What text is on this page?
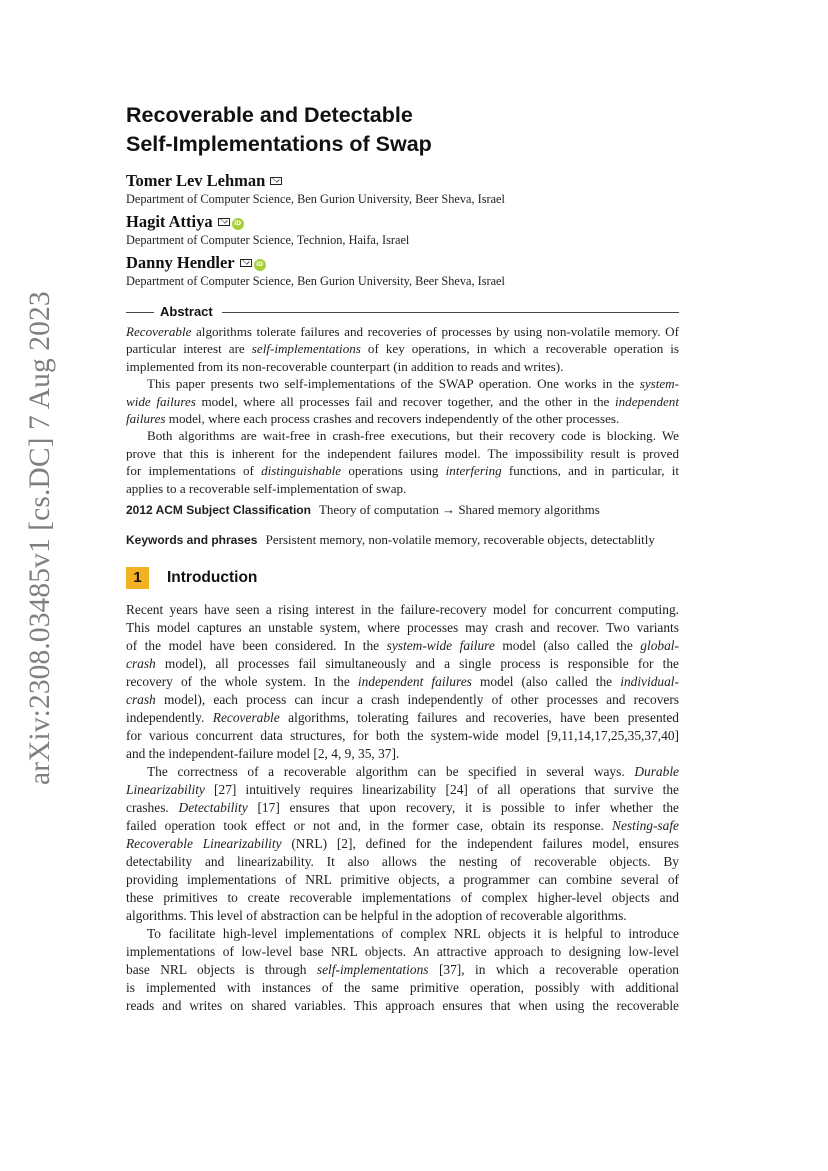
arXiv:2308.03485v1 [cs.DC] 7 Aug 2023
Recoverable and Detectable
Self-Implementations of Swap
Tomer Lev Lehman
Department of Computer Science, Ben Gurion University, Beer Sheva, Israel
Hagit Attiya	iD
Department of Computer Science, Technion, Haifa, Israel
Danny Hendler	iD
Department of Computer Science, Ben Gurion University, Beer Sheva, Israel
Abstract
Recoverable algorithms tolerate failures and recoveries of processes by using non-volatile memory. Of
particular interest are self-implementations of key operations, in which a recoverable operation is
implemented from its non-recoverable counterpart (in addition to reads and writes).
This paper presents two self-implementations of the SWAP operation. One works in the system-
wide failures model, where all processes fail and recover together, and the other in the independent
failures model, where each process crashes and recovers independently of the other processes.
Both algorithms are wait-free in crash-free executions, but their recovery code is blocking. We
prove that this is inherent for the independent failures model. The impossibility result is proved
for implementations of distinguishable operations using interfering functions, and in particular, it
applies to a recoverable self-implementation of swap.
2012 ACM Subject Classification Theory of computation → Shared memory algorithms
Keywords and phrases Persistent memory, non-volatile memory, recoverable objects, detectablitly
1	Introduction
Recent years have seen a rising interest in the failure-recovery model for concurrent computing.
This model captures an unstable system, where processes may crash and recover. Two variants
of the model have been considered. In the system-wide failure model (also called the global-
crash model), all processes fail simultaneously and a single process is responsible for the
recovery of the whole system. In the independent failures model (also called the individual-
crash model), each process can incur a crash independently of other processes and recovers
independently. Recoverable algorithms, tolerating failures and recoveries, have been presented
for various concurrent data structures, for both the system-wide model [9,11,14,17,25,35,37,40]
and the independent-failure model [2, 4, 9, 35, 37].
The correctness of a recoverable algorithm can be specified in several ways. Durable
Linearizability [27] intuitively requires linearizability [24] of all operations that survive the
crashes. Detectability [17] ensures that upon recovery, it is possible to infer whether the
failed operation took effect or not and, in the former case, obtain its response. Nesting-safe
Recoverable Linearizability (NRL) [2], defined for the independent failures model, ensures
detectability and linearizability. It also allows the nesting of recoverable objects. By
providing implementations of NRL primitive objects, a programmer can combine several of
these primitives to create recoverable implementations of complex higher-level objects and
algorithms. This level of abstraction can be helpful in the adoption of recoverable algorithms.
To facilitate high-level implementations of complex NRL objects it is helpful to introduce
implementations of low-level base NRL objects. An attractive approach to designing low-level
base NRL objects is through self-implementations [37], in which a recoverable operation
is implemented with instances of the same primitive operation, possibly with additional
reads and writes on shared variables. This approach ensures that when using the recoverable
